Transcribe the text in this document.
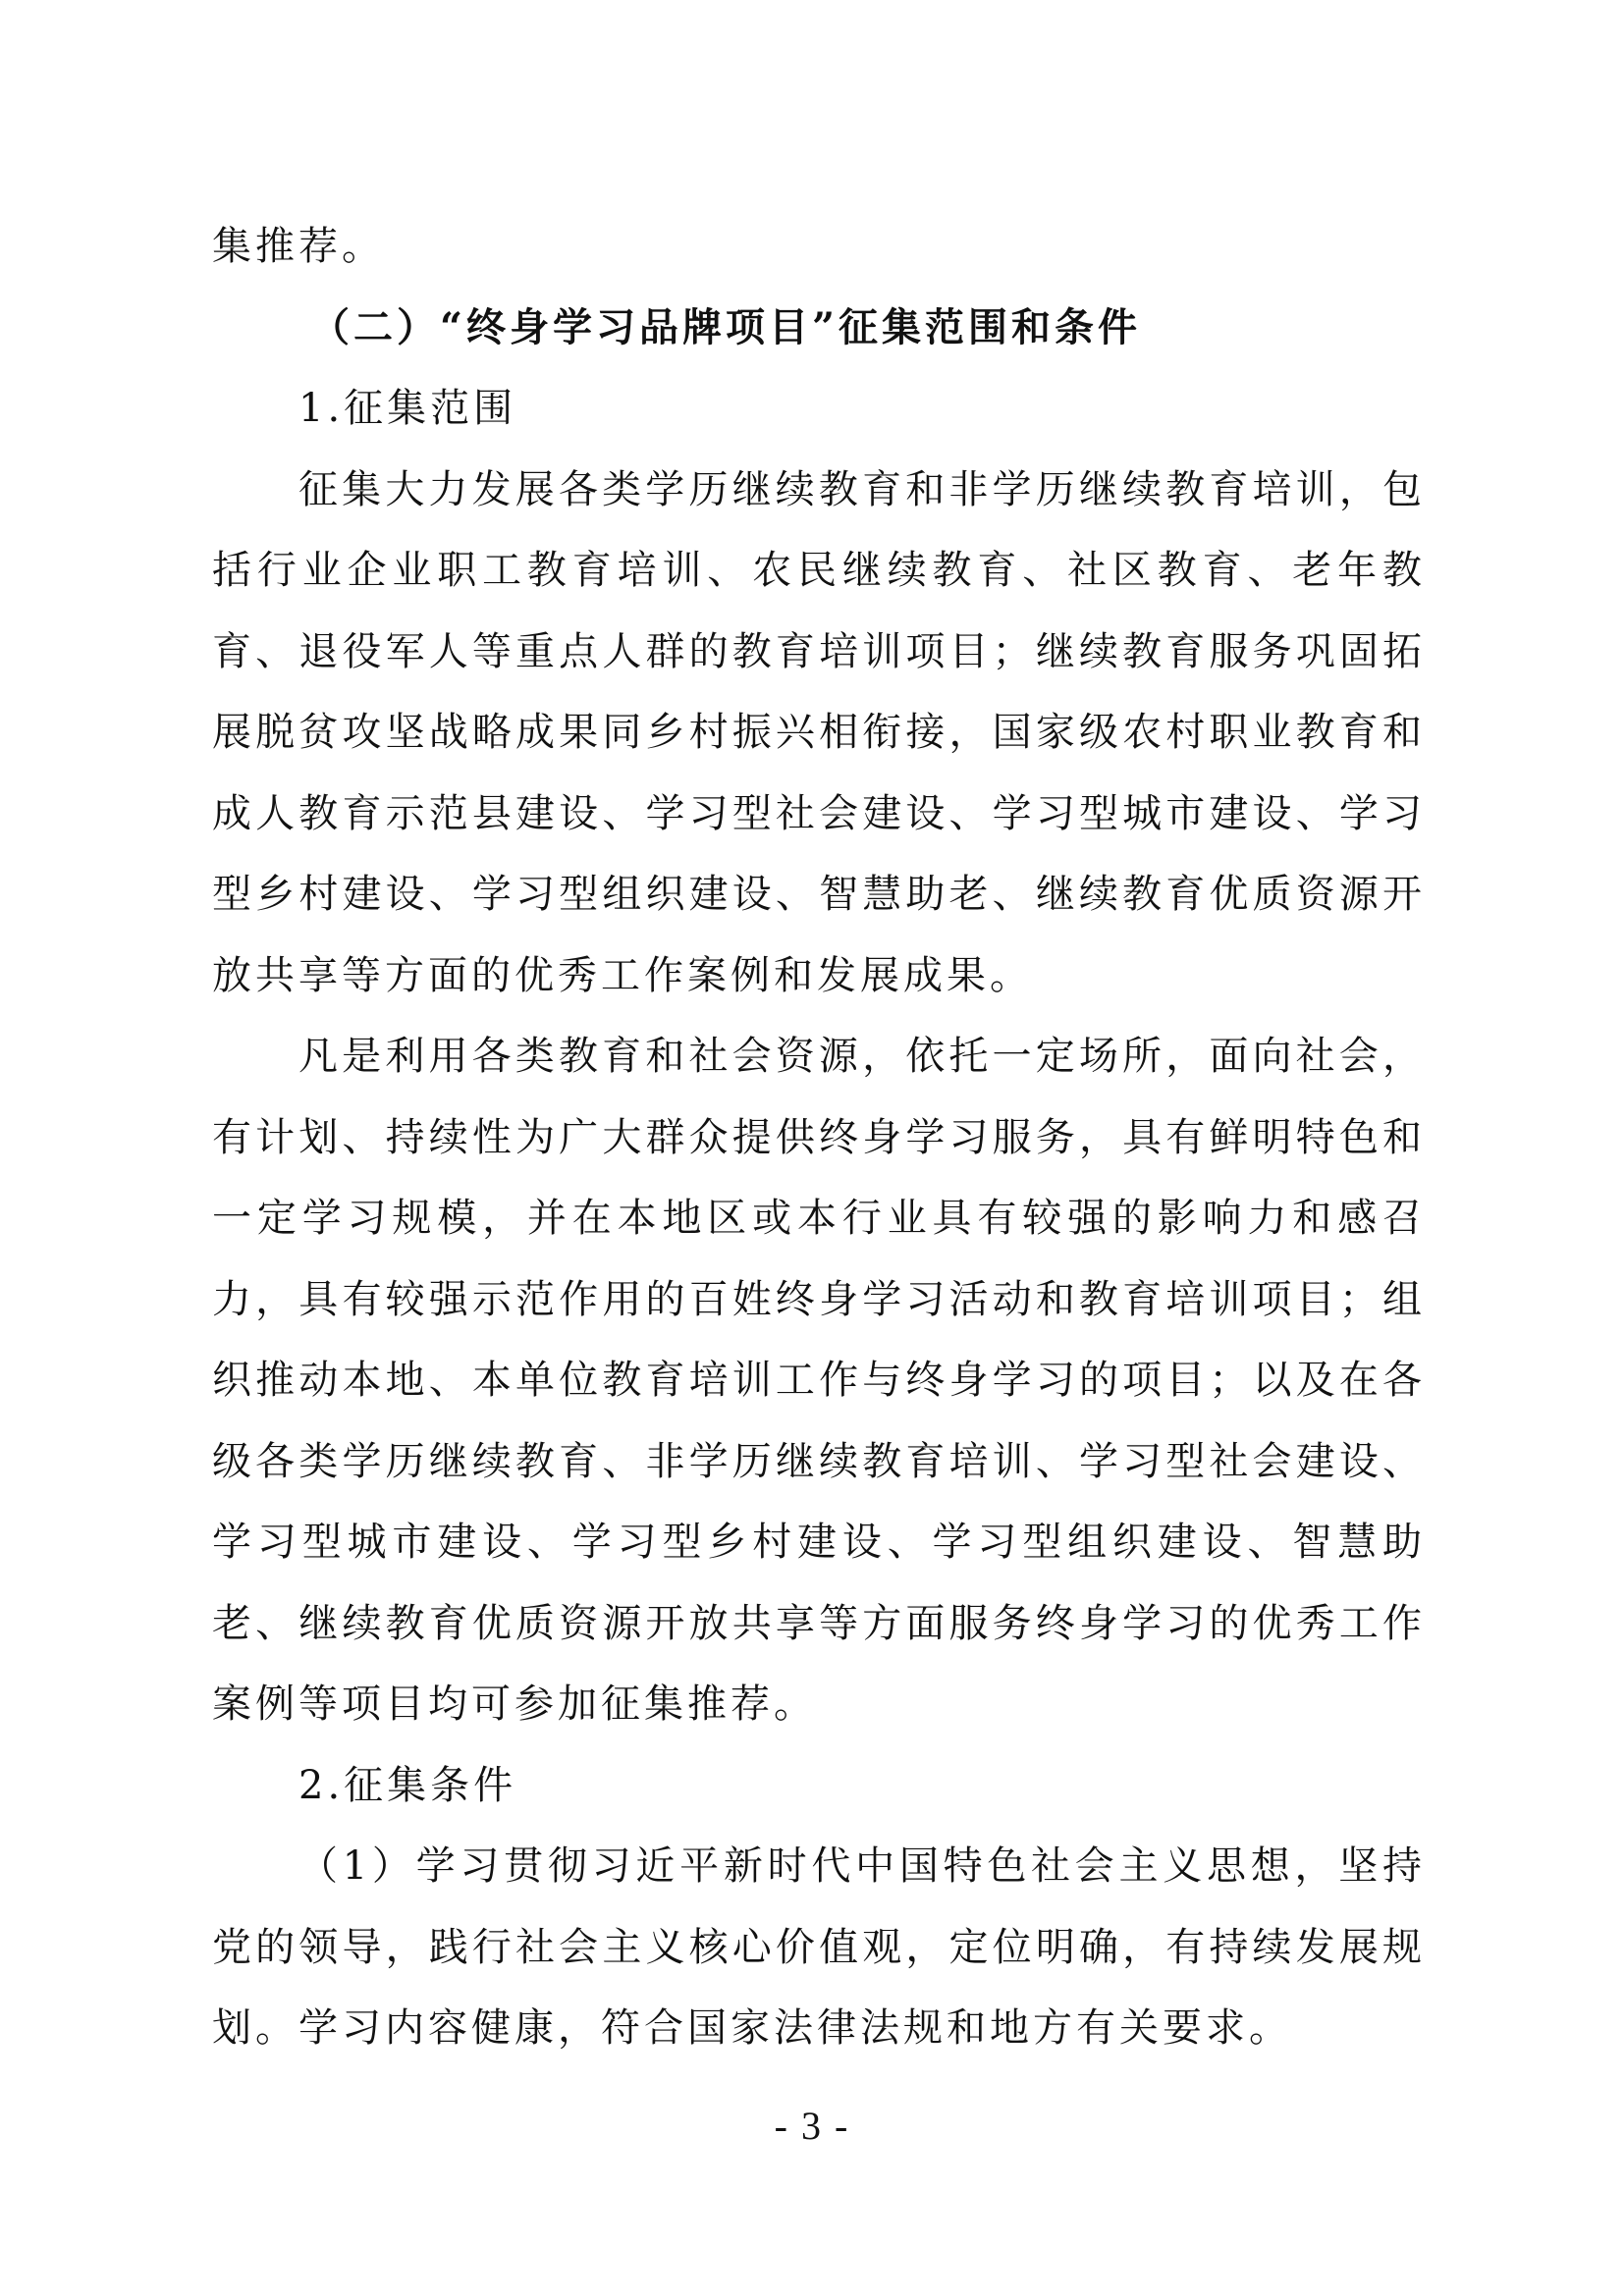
集推荐。

（二）“终身学习品牌项目”征集范围和条件

1.征集范围

征集大力发展各类学历继续教育和非学历继续教育培训，包括行业企业职工教育培训、农民继续教育、社区教育、老年教育、退役军人等重点人群的教育培训项目；继续教育服务巩固拓展脱贫攻坚战略成果同乡村振兴相衔接，国家级农村职业教育和成人教育示范县建设、学习型社会建设、学习型城市建设、学习型乡村建设、学习型组织建设、智慧助老、继续教育优质资源开放共享等方面的优秀工作案例和发展成果。

凡是利用各类教育和社会资源，依托一定场所，面向社会，有计划、持续性为广大群众提供终身学习服务，具有鲜明特色和一定学习规模，并在本地区或本行业具有较强的影响力和感召力，具有较强示范作用的百姓终身学习活动和教育培训项目；组织推动本地、本单位教育培训工作与终身学习的项目；以及在各级各类学历继续教育、非学历继续教育培训、学习型社会建设、学习型城市建设、学习型乡村建设、学习型组织建设、智慧助老、继续教育优质资源开放共享等方面服务终身学习的优秀工作案例等项目均可参加征集推荐。

2.征集条件

（1）学习贯彻习近平新时代中国特色社会主义思想，坚持党的领导，践行社会主义核心价值观，定位明确，有持续发展规划。学习内容健康，符合国家法律法规和地方有关要求。

- 3 -
